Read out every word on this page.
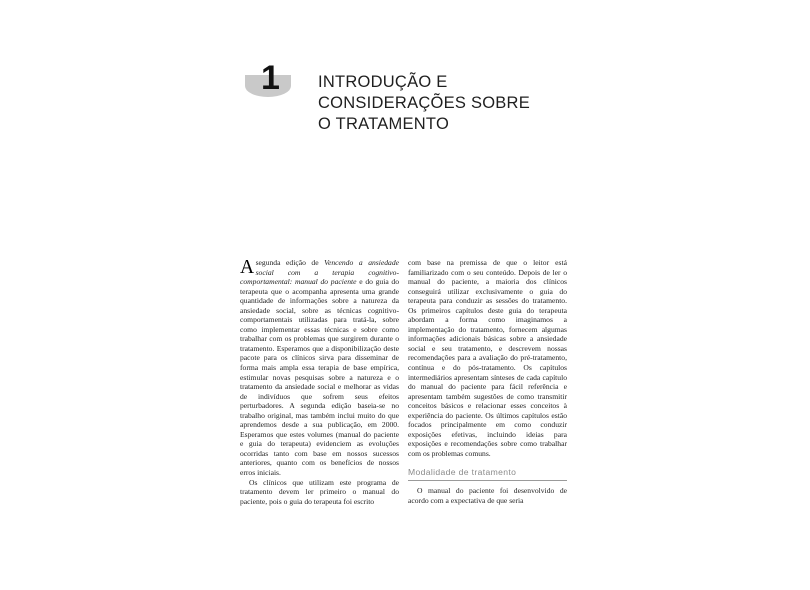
1	INTRODUÇÃO E
CONSIDERAÇÕES SOBRE
O TRATAMENTO

A segunda edição de Vencendo a ansiedade social com a terapia cognitivo-comportamental: manual do paciente e do guia do terapeuta que o acompanha apresenta uma grande quantidade de informações sobre a natureza da ansiedade social, sobre as técnicas cognitivo-comportamentais utilizadas para tratá-la, sobre como implementar essas técnicas e sobre como trabalhar com os problemas que surgirem durante o tratamento. Esperamos que a disponibilização deste pacote para os clínicos sirva para disseminar de forma mais ampla essa terapia de base empírica, estimular novas pesquisas sobre a natureza e o tratamento da ansiedade social e melhorar as vidas de indivíduos que sofrem seus efeitos perturbadores. A segunda edição baseia-se no trabalho original, mas também inclui muito do que aprendemos desde a sua publicação, em 2000. Esperamos que estes volumes (manual do paciente e guia do terapeuta) evidenciem as evoluções ocorridas tanto com base em nossos sucessos anteriores, quanto com os benefícios de nossos erros iniciais.

Os clínicos que utilizam este programa de tratamento devem ler primeiro o manual do paciente, pois o guia do terapeuta foi escrito

com base na premissa de que o leitor está familiarizado com o seu conteúdo. Depois de ler o manual do paciente, a maioria dos clínicos conseguirá utilizar exclusivamente o guia do terapeuta para conduzir as sessões do tratamento. Os primeiros capítulos deste guia do terapeuta abordam a forma como imaginamos a implementação do tratamento, fornecem algumas informações adicionais básicas sobre a ansiedade social e seu tratamento, e descrevem nossas recomendações para a avaliação do pré-tratamento, contínua e do pós-tratamento. Os capítulos intermediários apresentam sínteses de cada capítulo do manual do paciente para fácil referência e apresentam também sugestões de como transmitir conceitos básicos e relacionar esses conceitos à experiência do paciente. Os últimos capítulos estão focados principalmente em como conduzir exposições efetivas, incluindo ideias para exposições e recomendações sobre como trabalhar com os problemas comuns.

Modalidade de tratamento

O manual do paciente foi desenvolvido de acordo com a expectativa de que seria
